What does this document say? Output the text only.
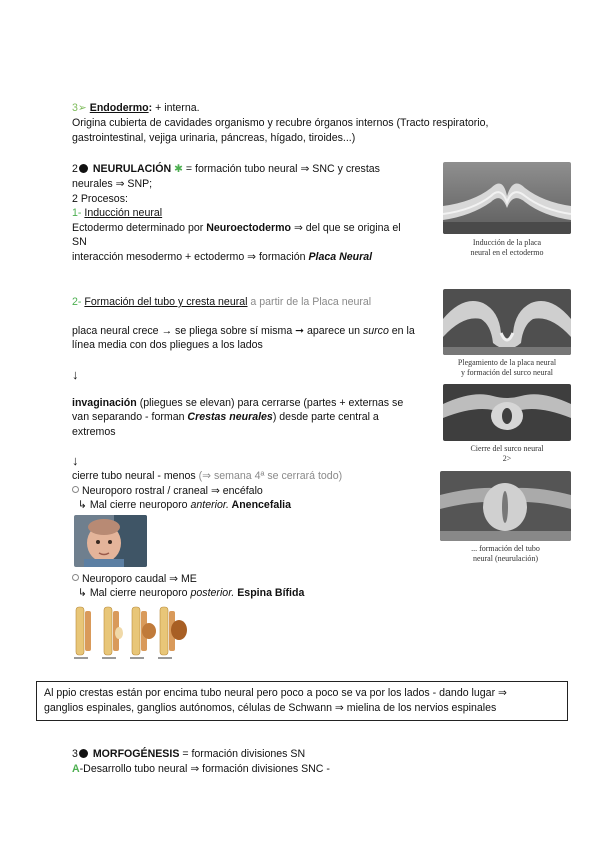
3➢ Endodermo: + interna.
Origina cubierta de cavidades organismo y recubre órganos internos (Tracto respiratorio,
gastrointestinal, vejiga urinaria, páncreas, hígado, tiroides...)
2 NEURULACIÓN ✱ = formación tubo neural ⇒ SNC y crestas
neurales ⇒ SNP;
2 Procesos:
1- Inducción neural
Ectodermo determinado por Neuroectodermo ⇒ del que se origina el
SN
interacción mesodermo + ectodermo ⇒ formación Placa Neural
Inducción de la placa
neural en el ectodermo
2- Formación del tubo y cresta neural a partir de la Placa neural
placa neural crece → se pliega sobre sí misma ➞ aparece un surco en la
línea media con dos pliegues a los lados
↓
invaginación (pliegues se elevan) para cerrarse (partes + externas se
van separando - forman Crestas neurales) desde parte central a
extremos
↓
cierre tubo neural - menos (⇒ semana 4ª se cerrará todo)
Neuroporo rostral / craneal ⇒ encéfalo
↳ Mal cierre neuroporo anterior. Anencefalia
Neuroporo caudal ⇒ ME
↳ Mal cierre neuroporo posterior. Espina Bífida
Plegamiento de la placa neural
y formación del surco neural
Cierre del surco neural
2>
... formación del tubo
neural (neurulación)
Al ppio crestas están por encima tubo neural pero poco a poco se va por los lados - dando lugar ⇒
ganglios espinales, ganglios autónomos, células de Schwann ⇒ mielina de los nervios espinales
3 MORFOGÉNESIS = formación divisiones SN
A-Desarrollo tubo neural ⇒ formación divisiones SNC -
